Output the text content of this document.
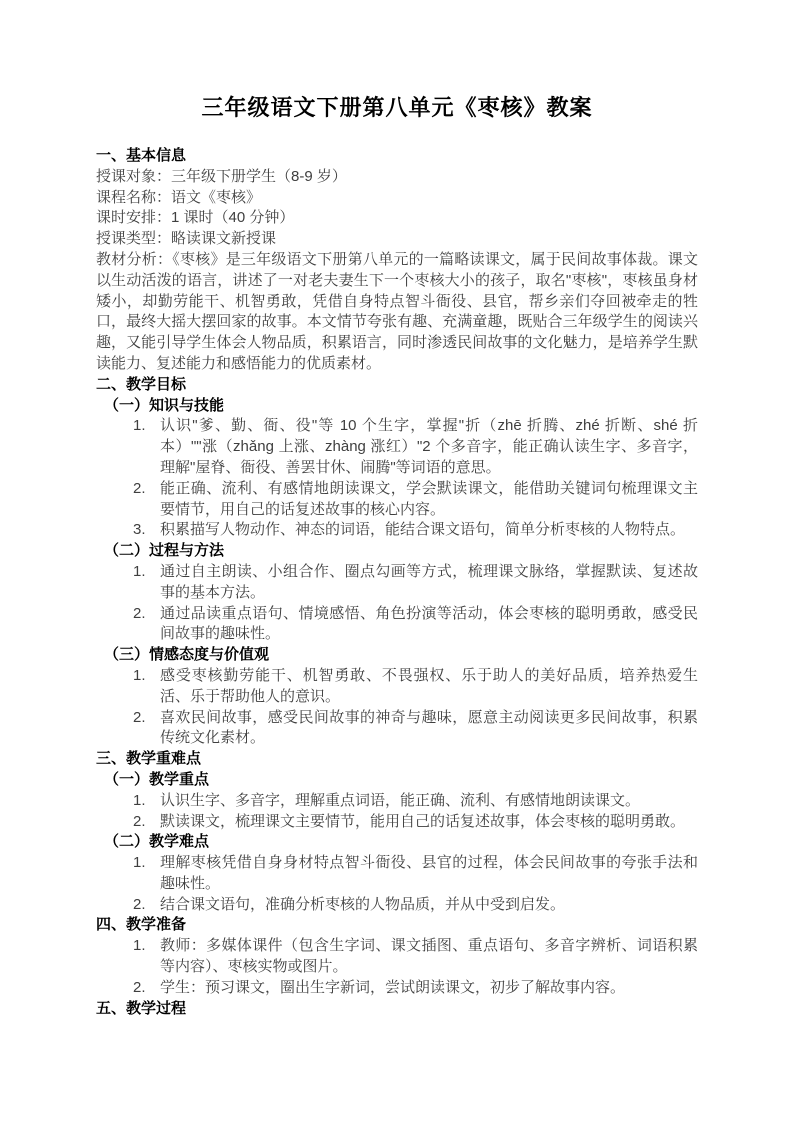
三年级语文下册第八单元《枣核》教案
一、基本信息
授课对象：三年级下册学生（8-9 岁）
课程名称：语文《枣核》
课时安排：1 课时（40 分钟）
授课类型：略读课文新授课
教材分析：《枣核》是三年级语文下册第八单元的一篇略读课文，属于民间故事体裁。课文以生动活泼的语言，讲述了一对老夫妻生下一个枣核大小的孩子，取名"枣核"，枣核虽身材矮小，却勤劳能干、机智勇敢，凭借自身特点智斗衙役、县官，帮乡亲们夺回被牵走的牲口，最终大摇大摆回家的故事。本文情节夸张有趣、充满童趣，既贴合三年级学生的阅读兴趣，又能引导学生体会人物品质，积累语言，同时渗透民间故事的文化魅力，是培养学生默读能力、复述能力和感悟能力的优质素材。
二、教学目标
（一）知识与技能
1. 认识"爹、勤、衙、役"等 10 个生字，掌握"折（zhē 折腾、zhé 折断、shé 折本）""涨（zhǎng 上涨、zhàng 涨红）"2 个多音字，能正确认读生字、多音字，理解"屋脊、衙役、善罢甘休、闹腾"等词语的意思。
2. 能正确、流利、有感情地朗读课文，学会默读课文，能借助关键词句梳理课文主要情节，用自己的话复述故事的核心内容。
3. 积累描写人物动作、神态的词语，能结合课文语句，简单分析枣核的人物特点。
（二）过程与方法
1. 通过自主朗读、小组合作、圈点勾画等方式，梳理课文脉络，掌握默读、复述故事的基本方法。
2. 通过品读重点语句、情境感悟、角色扮演等活动，体会枣核的聪明勇敢，感受民间故事的趣味性。
（三）情感态度与价值观
1. 感受枣核勤劳能干、机智勇敢、不畏强权、乐于助人的美好品质，培养热爱生活、乐于帮助他人的意识。
2. 喜欢民间故事，感受民间故事的神奇与趣味，愿意主动阅读更多民间故事，积累传统文化素材。
三、教学重难点
（一）教学重点
1. 认识生字、多音字，理解重点词语，能正确、流利、有感情地朗读课文。
2. 默读课文，梳理课文主要情节，能用自己的话复述故事，体会枣核的聪明勇敢。
（二）教学难点
1. 理解枣核凭借自身身材特点智斗衙役、县官的过程，体会民间故事的夸张手法和趣味性。
2. 结合课文语句，准确分析枣核的人物品质，并从中受到启发。
四、教学准备
1. 教师：多媒体课件（包含生字词、课文插图、重点语句、多音字辨析、词语积累等内容）、枣核实物或图片。
2. 学生：预习课文，圈出生字新词，尝试朗读课文，初步了解故事内容。
五、教学过程
